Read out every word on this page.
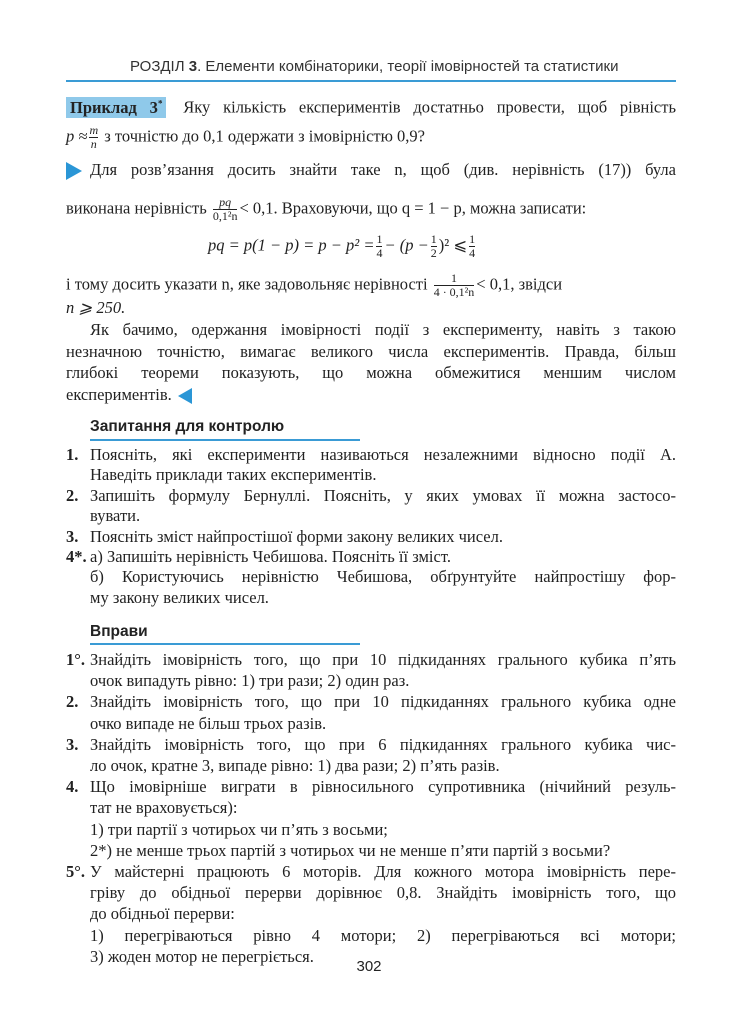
РОЗДІЛ 3. Елементи комбінаторики, теорії імовірностей та статистики
Приклад 3* Яку кількість експериментів достатньо провести, щоб рівність
p ≈ m
n з точністю до 0,1 одержати з імовірністю 0,9?
Для розв’язання досить знайти таке n, щоб (див. нерівність (17)) була
виконана нерівність $\frac{pq}{\text{0,1²n}} < 0,1$. Враховуючи, що q = 1 − p, можна записати:
pq = $p(1 - p) = p - p^2 = \frac{1}{4} - (p - \frac{1}{2} )^2$ ⩽ $\frac{1}{4}$
і тому досить указати n, яке задовольняє нерівності $\frac{1}{\text{4 · 0,1²n}} < 0,1$, звідси
n ⩾ 250.
Як бачимо, одержання імовірності події з експерименту, навіть з такою
незначною точністю, вимагає великого числа експериментів. Правда, більш
глибокі теореми показують, що можна обмежитися меншим числом
експериментів.
Запитання для контролю
1. Поясніть, які експерименти називаються незалежними відносно події A.
Наведіть приклади таких експериментів.
2. Запишіть формулу Бернуллі. Поясніть, у яких умовах її можна застосо-
вувати.
3. Поясніть зміст найпростішої форми закону великих чисел.
4*. а) Запишіть нерівність Чебишова. Поясніть її зміст.
б) Користуючись нерівністю Чебишова, обґрунтуйте найпростішу фор-
му закону великих чисел.
Вправи
1°. Знайдіть імовірність того, що при 10 підкиданнях грального кубика п’ять
очок випадуть рівно: 1) три рази; 2) один раз.
2. Знайдіть імовірність того, що при 10 підкиданнях грального кубика одне
очко випаде не більш трьох разів.
3. Знайдіть імовірність того, що при 6 підкиданнях грального кубика чис-
ло очок, кратне 3, випаде рівно: 1) два рази; 2) п’ять разів.
4. Що імовірніше виграти в рівносильного супротивника (нічийний резуль-
тат не враховується):
1) три партії з чотирьох чи п’ять з восьми;
2*) не менше трьох партій з чотирьох чи не менше п’яти партій з восьми?
5°. У майстерні працюють 6 моторів. Для кожного мотора імовірність пере-
гріву до обідньої перерви дорівнює 0,8. Знайдіть імовірність того, що
до обідньої перерви:
1) перегріваються рівно 4 мотори; 2) перегріваються всі мотори;
3) жоден мотор не перегріється.
302
